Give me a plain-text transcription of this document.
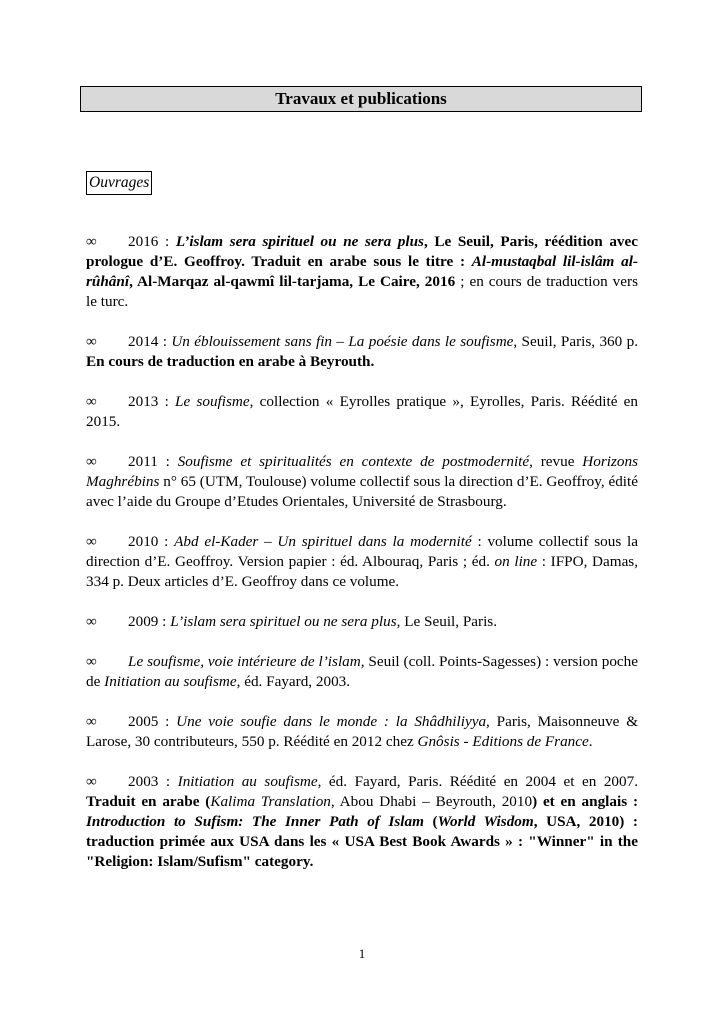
Travaux et publications
Ouvrages

∞ 2016 : L’islam sera spirituel ou ne sera plus, Le Seuil, Paris, réédition avec prologue d’E. Geoffroy. Traduit en arabe sous le titre : Al-mustaqbal lil-islâm al-rûhânî, Al-Marqaz al-qawmî lil-tarjama, Le Caire, 2016 ; en cours de traduction vers le turc.

∞ 2014 : Un éblouissement sans fin – La poésie dans le soufisme, Seuil, Paris, 360 p. En cours de traduction en arabe à Beyrouth.

∞ 2013 : Le soufisme, collection « Eyrolles pratique », Eyrolles, Paris. Réédité en 2015.

∞ 2011 : Soufisme et spiritualités en contexte de postmodernité, revue Horizons Maghrébins n° 65 (UTM, Toulouse) volume collectif sous la direction d’E. Geoffroy, édité avec l’aide du Groupe d’Etudes Orientales, Université de Strasbourg.

∞ 2010 : Abd el-Kader – Un spirituel dans la modernité : volume collectif sous la direction d’E. Geoffroy. Version papier : éd. Albouraq, Paris ; éd. on line : IFPO, Damas, 334 p. Deux articles d’E. Geoffroy dans ce volume.

∞ 2009 : L’islam sera spirituel ou ne sera plus, Le Seuil, Paris.

∞ Le soufisme, voie intérieure de l’islam, Seuil (coll. Points-Sagesses) : version poche de Initiation au soufisme, éd. Fayard, 2003.

∞ 2005 : Une voie soufie dans le monde : la Shâdhiliyya, Paris, Maisonneuve & Larose, 30 contributeurs, 550 p. Réédité en 2012 chez Gnôsis - Editions de France.

∞ 2003 : Initiation au soufisme, éd. Fayard, Paris. Réédité en 2004 et en 2007. Traduit en arabe (Kalima Translation, Abou Dhabi – Beyrouth, 2010) et en anglais : Introduction to Sufism: The Inner Path of Islam (World Wisdom, USA, 2010) : traduction primée aux USA dans les « USA Best Book Awards » : "Winner" in the "Religion: Islam/Sufism" category.

1
